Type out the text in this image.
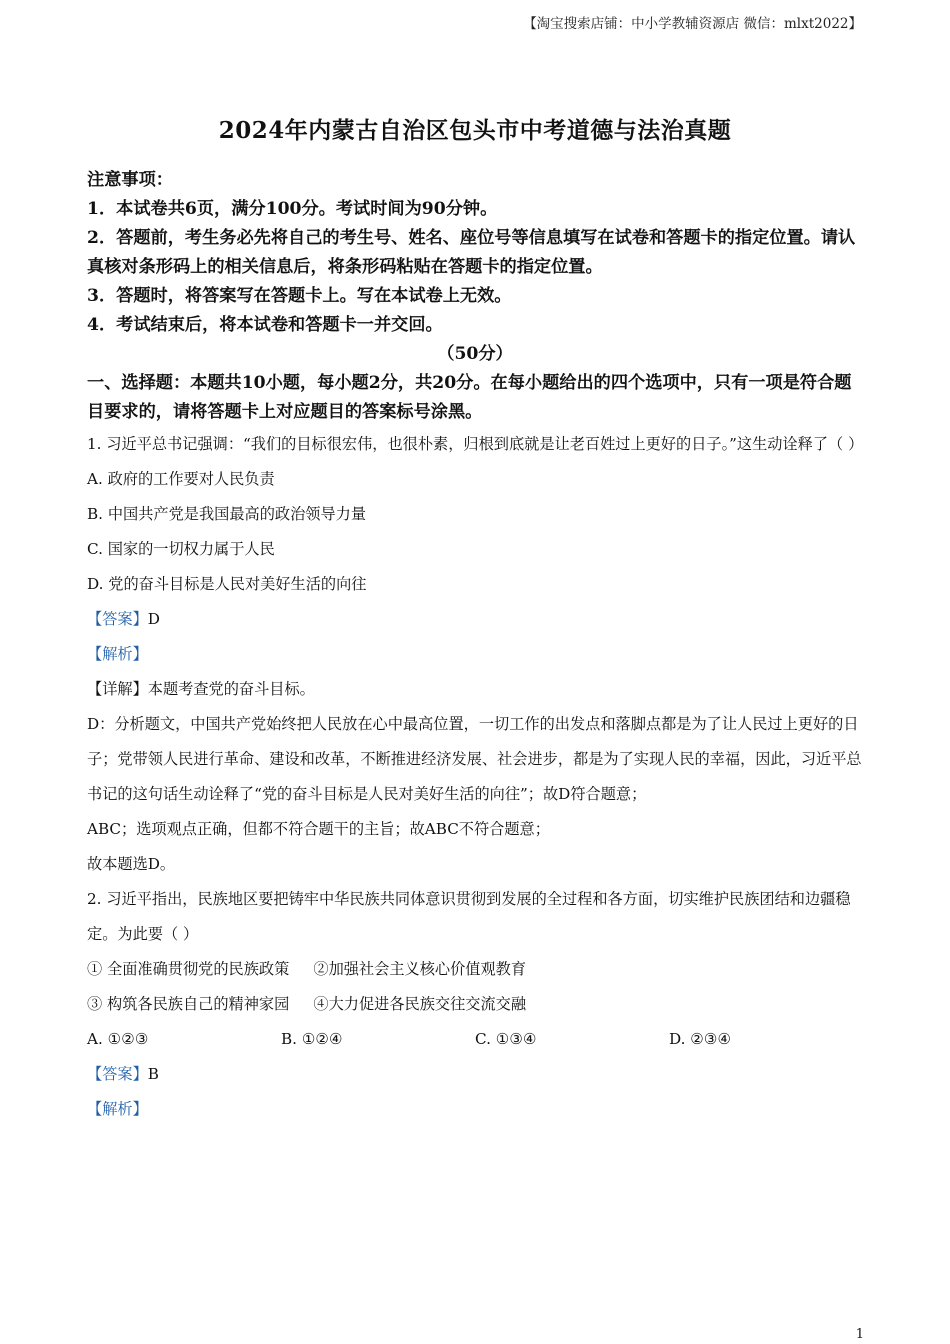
【淘宝搜索店铺：中小学教辅资源店 微信：mlxt2022】
2024年内蒙古自治区包头市中考道德与法治真题
注意事项：
1．本试卷共6页，满分100分。考试时间为90分钟。
2．答题前，考生务必先将自己的考生号、姓名、座位号等信息填写在试卷和答题卡的指定位置。请认真核对条形码上的相关信息后，将条形码粘贴在答题卡的指定位置。
3．答题时，将答案写在答题卡上。写在本试卷上无效。
4．考试结束后，将本试卷和答题卡一并交回。
（50分）
一、选择题：本题共10小题，每小题2分，共20分。在每小题给出的四个选项中，只有一项是符合题目要求的，请将答题卡上对应题目的答案标号涂黑。
1. 习近平总书记强调：“我们的目标很宏伟，也很朴素，归根到底就是让老百姓过上更好的日子。”这生动诠释了（ ）
A. 政府的工作要对人民负责
B. 中国共产党是我国最高的政治领导力量
C. 国家的一切权力属于人民
D. 党的奋斗目标是人民对美好生活的向往
【答案】D
【解析】
【详解】本题考查党的奋斗目标。
D：分析题文，中国共产党始终把人民放在心中最高位置，一切工作的出发点和落脚点都是为了让人民过上更好的日子；党带领人民进行革命、建设和改革，不断推进经济发展、社会进步，都是为了实现人民的幸福，因此，习近平总书记的这句话生动诠释了“党的奋斗目标是人民对美好生活的向往”；故D符合题意；
ABC；选项观点正确，但都不符合题干的主旨；故ABC不符合题意；
故本题选D。
2. 习近平指出，民族地区要把铸牢中华民族共同体意识贯彻到发展的全过程和各方面，切实维护民族团结和边疆稳定。为此要（ ）
① 全面准确贯彻党的民族政策 ②加强社会主义核心价值观教育
③ 构筑各民族自己的精神家园 ④大力促进各民族交往交流交融
A. ①②③	B. ①②④	C. ①③④	D. ②③④
【答案】B
【解析】
1
